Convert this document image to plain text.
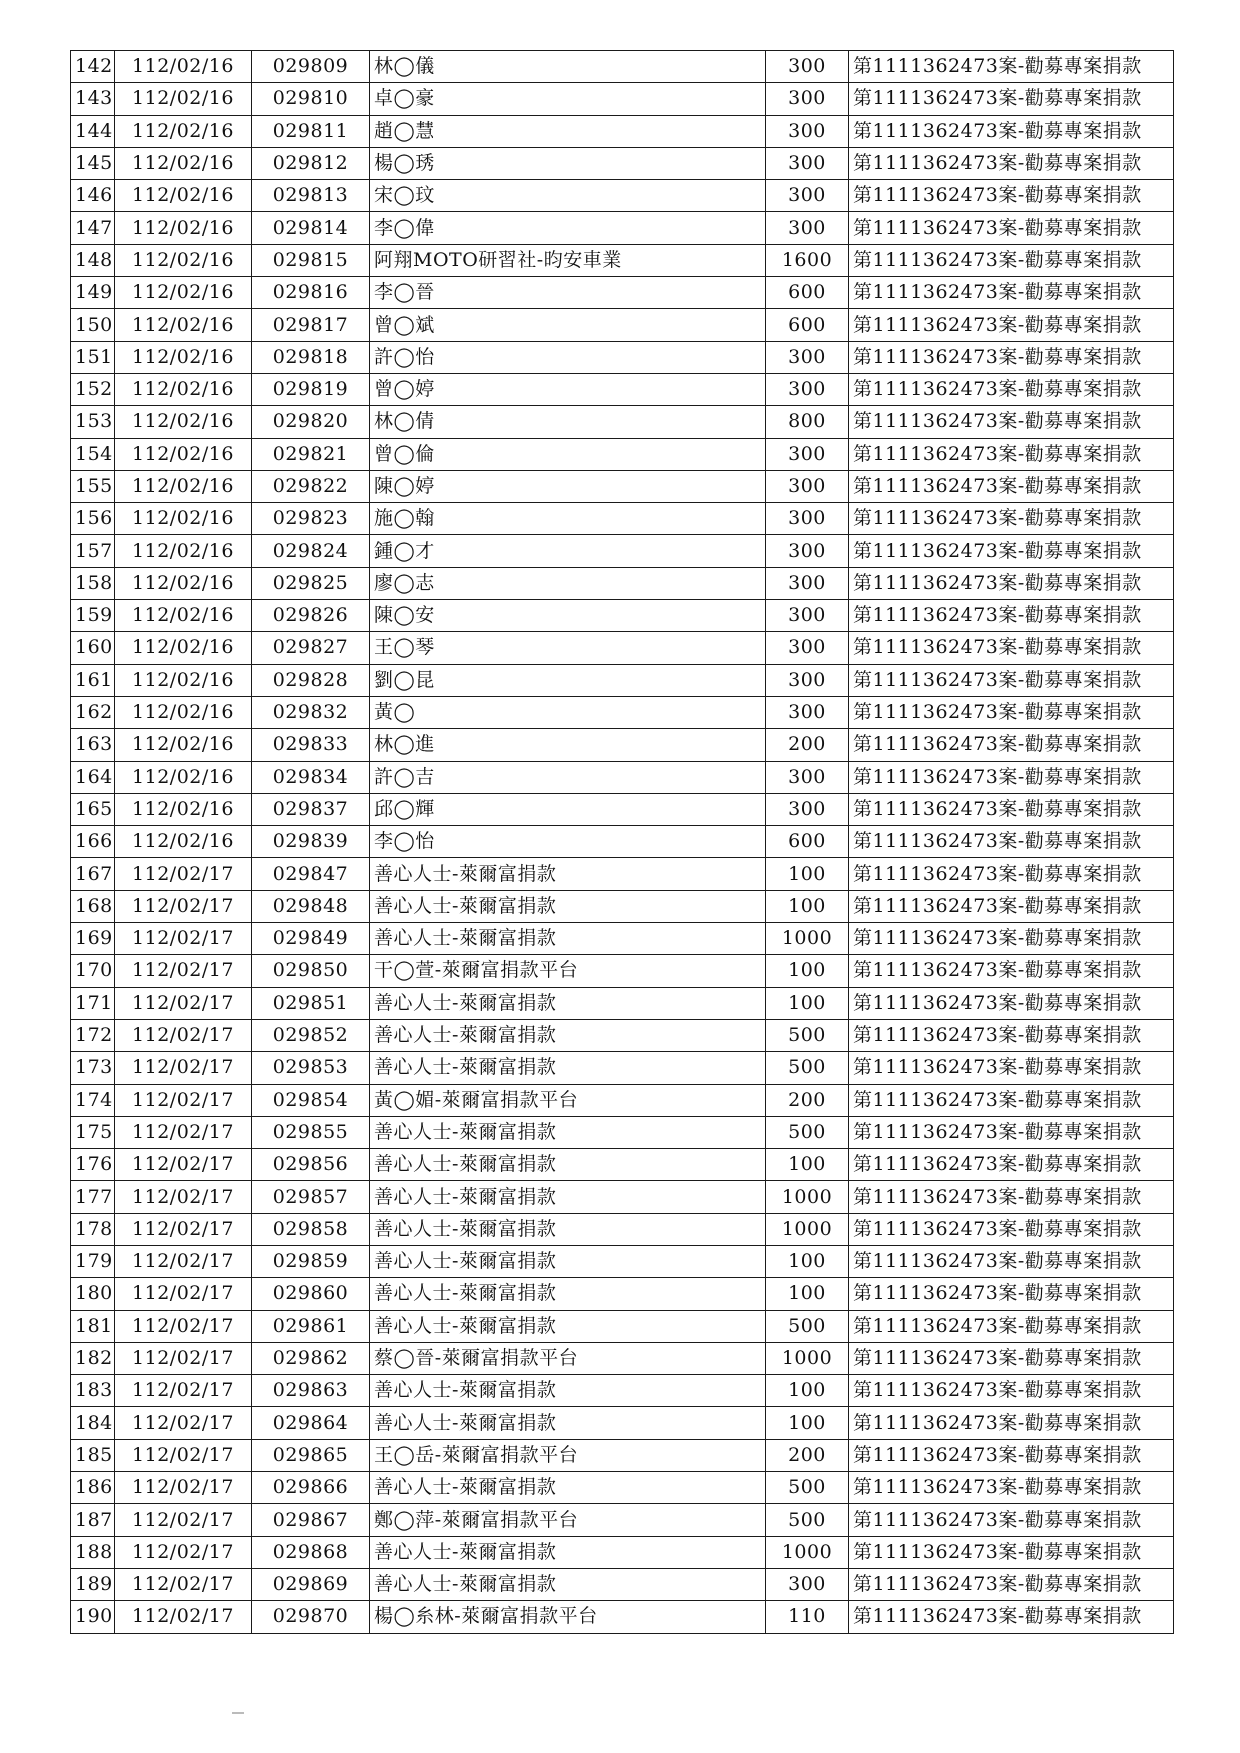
142	112/02/16	029809	林◯儀	300	第1111362473案-勸募專案捐款
143	112/02/16	029810	卓◯豪	300	第1111362473案-勸募專案捐款
144	112/02/16	029811	趙◯慧	300	第1111362473案-勸募專案捐款
145	112/02/16	029812	楊◯琇	300	第1111362473案-勸募專案捐款
146	112/02/16	029813	宋◯玟	300	第1111362473案-勸募專案捐款
147	112/02/16	029814	李◯偉	300	第1111362473案-勸募專案捐款
148	112/02/16	029815	阿翔MOTO研習社-昀安車業	1600	第1111362473案-勸募專案捐款
149	112/02/16	029816	李◯晉	600	第1111362473案-勸募專案捐款
150	112/02/16	029817	曾◯斌	600	第1111362473案-勸募專案捐款
151	112/02/16	029818	許◯怡	300	第1111362473案-勸募專案捐款
152	112/02/16	029819	曾◯婷	300	第1111362473案-勸募專案捐款
153	112/02/16	029820	林◯倩	800	第1111362473案-勸募專案捐款
154	112/02/16	029821	曾◯倫	300	第1111362473案-勸募專案捐款
155	112/02/16	029822	陳◯婷	300	第1111362473案-勸募專案捐款
156	112/02/16	029823	施◯翰	300	第1111362473案-勸募專案捐款
157	112/02/16	029824	鍾◯才	300	第1111362473案-勸募專案捐款
158	112/02/16	029825	廖◯志	300	第1111362473案-勸募專案捐款
159	112/02/16	029826	陳◯安	300	第1111362473案-勸募專案捐款
160	112/02/16	029827	王◯琴	300	第1111362473案-勸募專案捐款
161	112/02/16	029828	劉◯昆	300	第1111362473案-勸募專案捐款
162	112/02/16	029832	黃◯	300	第1111362473案-勸募專案捐款
163	112/02/16	029833	林◯進	200	第1111362473案-勸募專案捐款
164	112/02/16	029834	許◯吉	300	第1111362473案-勸募專案捐款
165	112/02/16	029837	邱◯輝	300	第1111362473案-勸募專案捐款
166	112/02/16	029839	李◯怡	600	第1111362473案-勸募專案捐款
167	112/02/17	029847	善心人士-萊爾富捐款	100	第1111362473案-勸募專案捐款
168	112/02/17	029848	善心人士-萊爾富捐款	100	第1111362473案-勸募專案捐款
169	112/02/17	029849	善心人士-萊爾富捐款	1000	第1111362473案-勸募專案捐款
170	112/02/17	029850	干◯萱-萊爾富捐款平台	100	第1111362473案-勸募專案捐款
171	112/02/17	029851	善心人士-萊爾富捐款	100	第1111362473案-勸募專案捐款
172	112/02/17	029852	善心人士-萊爾富捐款	500	第1111362473案-勸募專案捐款
173	112/02/17	029853	善心人士-萊爾富捐款	500	第1111362473案-勸募專案捐款
174	112/02/17	029854	黃◯媚-萊爾富捐款平台	200	第1111362473案-勸募專案捐款
175	112/02/17	029855	善心人士-萊爾富捐款	500	第1111362473案-勸募專案捐款
176	112/02/17	029856	善心人士-萊爾富捐款	100	第1111362473案-勸募專案捐款
177	112/02/17	029857	善心人士-萊爾富捐款	1000	第1111362473案-勸募專案捐款
178	112/02/17	029858	善心人士-萊爾富捐款	1000	第1111362473案-勸募專案捐款
179	112/02/17	029859	善心人士-萊爾富捐款	100	第1111362473案-勸募專案捐款
180	112/02/17	029860	善心人士-萊爾富捐款	100	第1111362473案-勸募專案捐款
181	112/02/17	029861	善心人士-萊爾富捐款	500	第1111362473案-勸募專案捐款
182	112/02/17	029862	蔡◯晉-萊爾富捐款平台	1000	第1111362473案-勸募專案捐款
183	112/02/17	029863	善心人士-萊爾富捐款	100	第1111362473案-勸募專案捐款
184	112/02/17	029864	善心人士-萊爾富捐款	100	第1111362473案-勸募專案捐款
185	112/02/17	029865	王◯岳-萊爾富捐款平台	200	第1111362473案-勸募專案捐款
186	112/02/17	029866	善心人士-萊爾富捐款	500	第1111362473案-勸募專案捐款
187	112/02/17	029867	鄭◯萍-萊爾富捐款平台	500	第1111362473案-勸募專案捐款
188	112/02/17	029868	善心人士-萊爾富捐款	1000	第1111362473案-勸募專案捐款
189	112/02/17	029869	善心人士-萊爾富捐款	300	第1111362473案-勸募專案捐款
190	112/02/17	029870	楊◯糸林-萊爾富捐款平台	110	第1111362473案-勸募專案捐款
